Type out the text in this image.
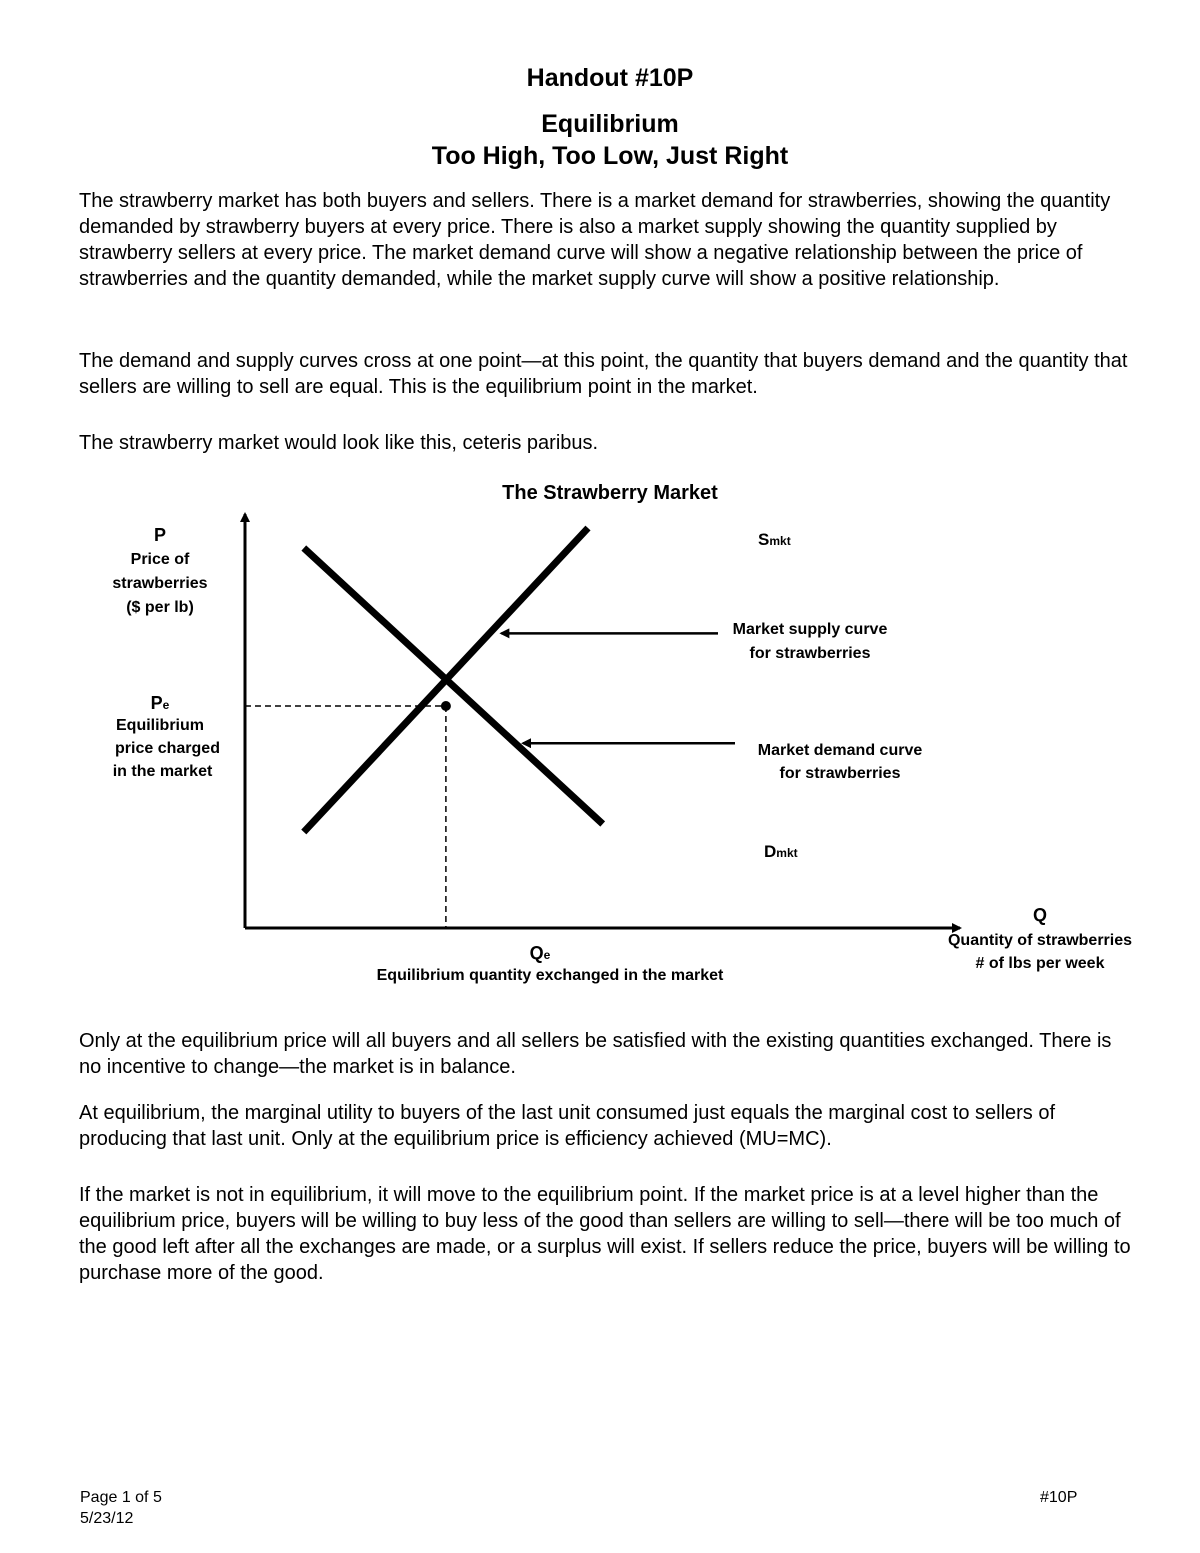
Handout #10P
Equilibrium
Too High, Too Low, Just Right
The strawberry market has both buyers and sellers. There is a market demand for strawberries, showing the quantity demanded by strawberry buyers at every price. There is also a market supply showing the quantity supplied by strawberry sellers at every price. The market demand curve will show a negative relationship between the price of strawberries and the quantity demanded, while the market supply curve will show a positive relationship.
The demand and supply curves cross at one point—at this point, the quantity that buyers demand and the quantity that sellers are willing to sell are equal. This is the equilibrium point in the market.
The strawberry market would look like this, ceteris paribus.
The Strawberry Market
P
Price of
strawberries
($ per lb)
Pe
Equilibrium
price charged
in the market
Smkt
Dmkt
Market supply curve
for strawberries
Market demand curve
for strawberries
Qe
Equilibrium quantity exchanged in the market
Q
Quantity of strawberries
# of lbs per week
Only at the equilibrium price will all buyers and all sellers be satisfied with the existing quantities exchanged. There is no incentive to change—the market is in balance.
At equilibrium, the marginal utility to buyers of the last unit consumed just equals the marginal cost to sellers of producing that last unit. Only at the equilibrium price is efficiency achieved (MU=MC).
If the market is not in equilibrium, it will move to the equilibrium point. If the market price is at a level higher than the equilibrium price, buyers will be willing to buy less of the good than sellers are willing to sell—there will be too much of the good left after all the exchanges are made, or a surplus will exist. If sellers reduce the price, buyers will be willing to purchase more of the good.
Page 1 of 5
5/23/12
#10P
